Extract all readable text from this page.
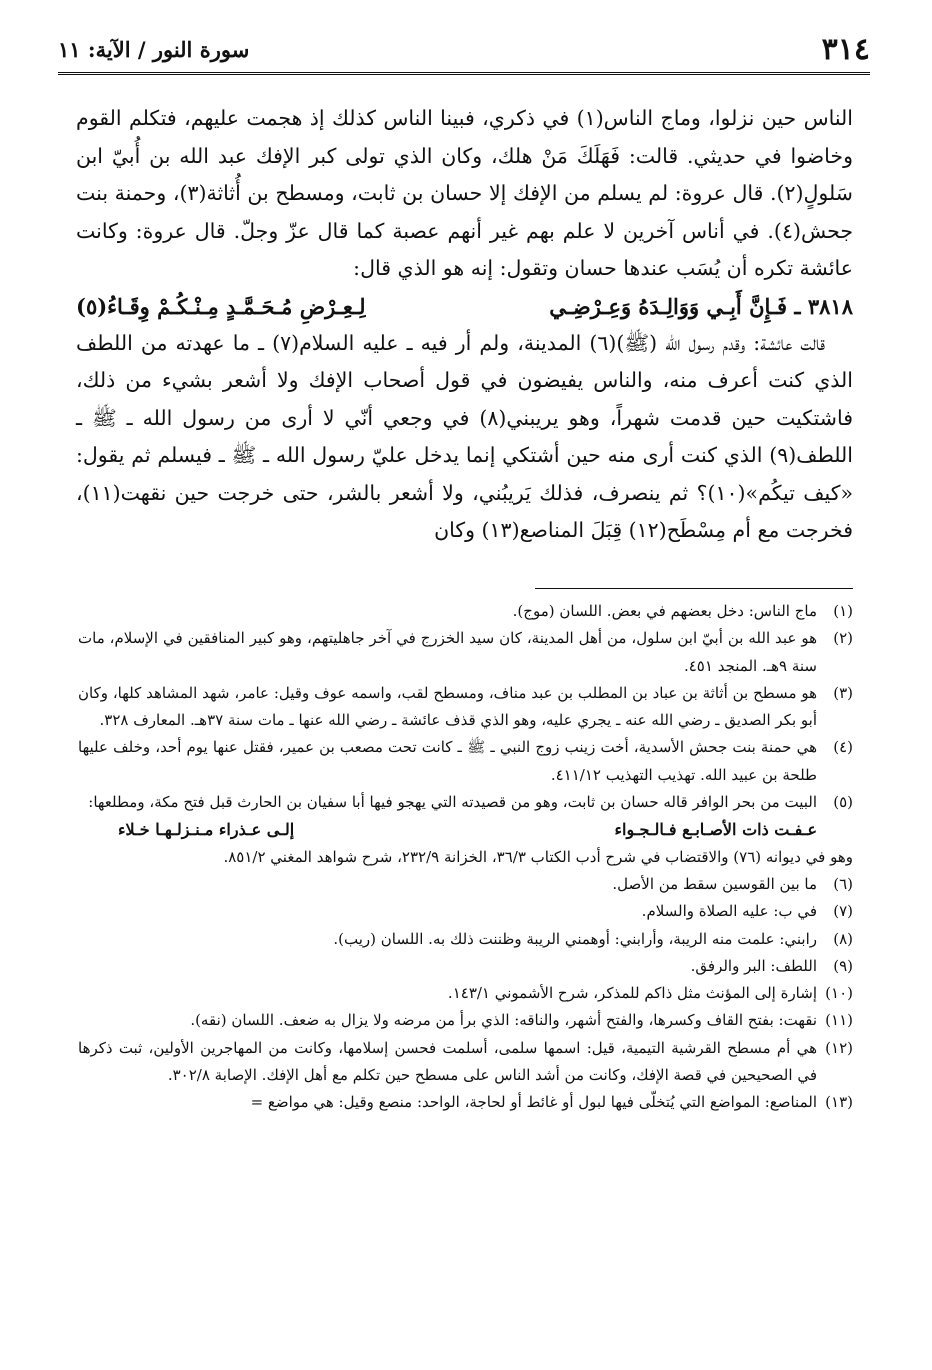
٣١٤
سورة النور / الآية: ١١

الناس حين نزلوا، وماج الناس(١) في ذكري، فبينا الناس كذلك إذ هجمت عليهم، فتكلم القوم وخاضوا في حديثي. قالت: فَهَلَكَ مَنْ هلك، وكان الذي تولى كبر الإفك عبد الله بن أُبيّ ابن سَلولٍ(٢). قال عروة: لم يسلم من الإفك إلا حسان بن ثابت، ومسطح بن أُثاثة(٣)، وحمنة بنت جحش(٤). في أناس آخرين لا علم بهم غير أنهم عصبة كما قال عزّ وجلّ. قال عروة: وكانت عائشة تكره أن يُسَب عندها حسان وتقول: إنه هو الذي قال:

٣٨١٨ ـ فَـإِنَّ أَبِـي وَوَالِـدَهُ وَعِـرْضِـي
لِـعِـرْضِ مُـحَـمَّـدٍ مِـنْـكُـمْ وِقَـاءُ(٥)

قالت عائشة: وقدم رسول الله (ﷺ)(٦) المدينة، ولم أر فيه ـ عليه السلام(٧) ـ ما عهدته من اللطف الذي كنت أعرف منه، والناس يفيضون في قول أصحاب الإفك ولا أشعر بشيء من ذلك، فاشتكيت حين قدمت شهراً، وهو يريبني(٨) في وجعي أنّي لا أرى من رسول الله ـ ﷺ ـ اللطف(٩) الذي كنت أرى منه حين أشتكي إنما يدخل عليّ رسول الله ـ ﷺ ـ فيسلم ثم يقول: «كيف تيكُم»(١٠)؟ ثم ينصرف، فذلك يَريبُني، ولا أشعر بالشر، حتى خرجت حين نقهت(١١)، فخرجت مع أم مِسْطَح(١٢) قِبَلَ المناصع(١٣) وكان

(١)
ماج الناس: دخل بعضهم في بعض. اللسان (موج).
(٢)
هو عبد الله بن أبيّ ابن سلول، من أهل المدينة، كان سيد الخزرج في آخر جاهليتهم، وهو كبير المنافقين في الإسلام، مات سنة ٩هـ. المنجد ٤٥١.
(٣)
هو مسطح بن أثاثة بن عباد بن المطلب بن عبد مناف، ومسطح لقب، واسمه عوف وقيل: عامر، شهد المشاهد كلها، وكان أبو بكر الصديق ـ رضي الله عنه ـ يجري عليه، وهو الذي قذف عائشة ـ رضي الله عنها ـ مات سنة ٣٧هـ. المعارف ٣٢٨.
(٤)
هي حمنة بنت جحش الأسدية، أخت زينب زوج النبي ـ ﷺ ـ كانت تحت مصعب بن عمير، فقتل عنها يوم أحد، وخلف عليها طلحة بن عبيد الله. تهذيب التهذيب ٤١١/١٢.
(٥)
البيت من بحر الوافر قاله حسان بن ثابت، وهو من قصيدته التي يهجو فيها أبا سفيان بن الحارث قبل فتح مكة، ومطلعها:
عـفـت ذات الأصـابـع فـالـجـواء
إلـى عـذراء مـنـزلـهـا خـلاء
وهو في ديوانه (٧٦) والاقتضاب في شرح أدب الكتاب ٣٦/٣، الخزانة ٢٣٢/٩، شرح شواهد المغني ٨٥١/٢.
(٦)
ما بين القوسين سقط من الأصل.
(٧)
في ب: عليه الصلاة والسلام.
(٨)
رابني: علمت منه الريبة، وأرابني: أوهمني الريبة وظننت ذلك به. اللسان (ريب).
(٩)
اللطف: البر والرفق.
(١٠)
إشارة إلى المؤنث مثل ذاكم للمذكر، شرح الأشموني ١٤٣/١.
(١١)
نقهت: بفتح القاف وكسرها، والفتح أشهر، والناقه: الذي برأ من مرضه ولا يزال به ضعف. اللسان (نقه).
(١٢)
هي أم مسطح القرشية التيمية، قيل: اسمها سلمى، أسلمت فحسن إسلامها، وكانت من المهاجرين الأولين، ثبت ذكرها في الصحيحين في قصة الإفك، وكانت من أشد الناس على مسطح حين تكلم مع أهل الإفك. الإصابة ٣٠٢/٨.
(١٣)
المناصع: المواضع التي يُتخلّى فيها لبول أو غائط أو لحاجة، الواحد: منصع وقيل: هي مواضع =
